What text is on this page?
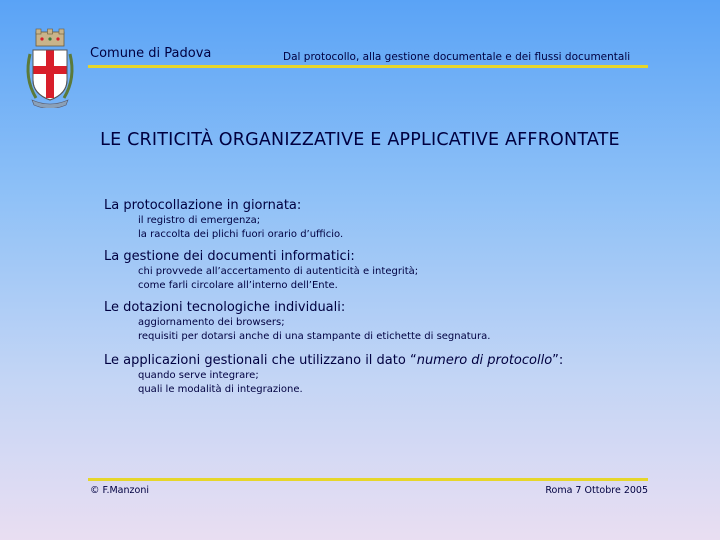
Comune di Padova	Dal protocollo, alla gestione documentale e dei flussi documentali
LE CRITICITÀ ORGANIZZATIVE E APPLICATIVE AFFRONTATE
La protocollazione in giornata:
il registro di emergenza;
la raccolta dei plichi fuori orario d’ufficio.
La gestione dei documenti informatici:
chi provvede all’accertamento di autenticità e integrità;
come farli circolare all’interno dell’Ente.
Le dotazioni tecnologiche individuali:
aggiornamento dei browsers;
requisiti per dotarsi anche di una stampante di etichette di segnatura.
Le applicazioni gestionali che utilizzano il dato “numero di protocollo”:
quando serve integrare;
quali le modalità di integrazione.
© F.Manzoni	Roma 7 Ottobre 2005
